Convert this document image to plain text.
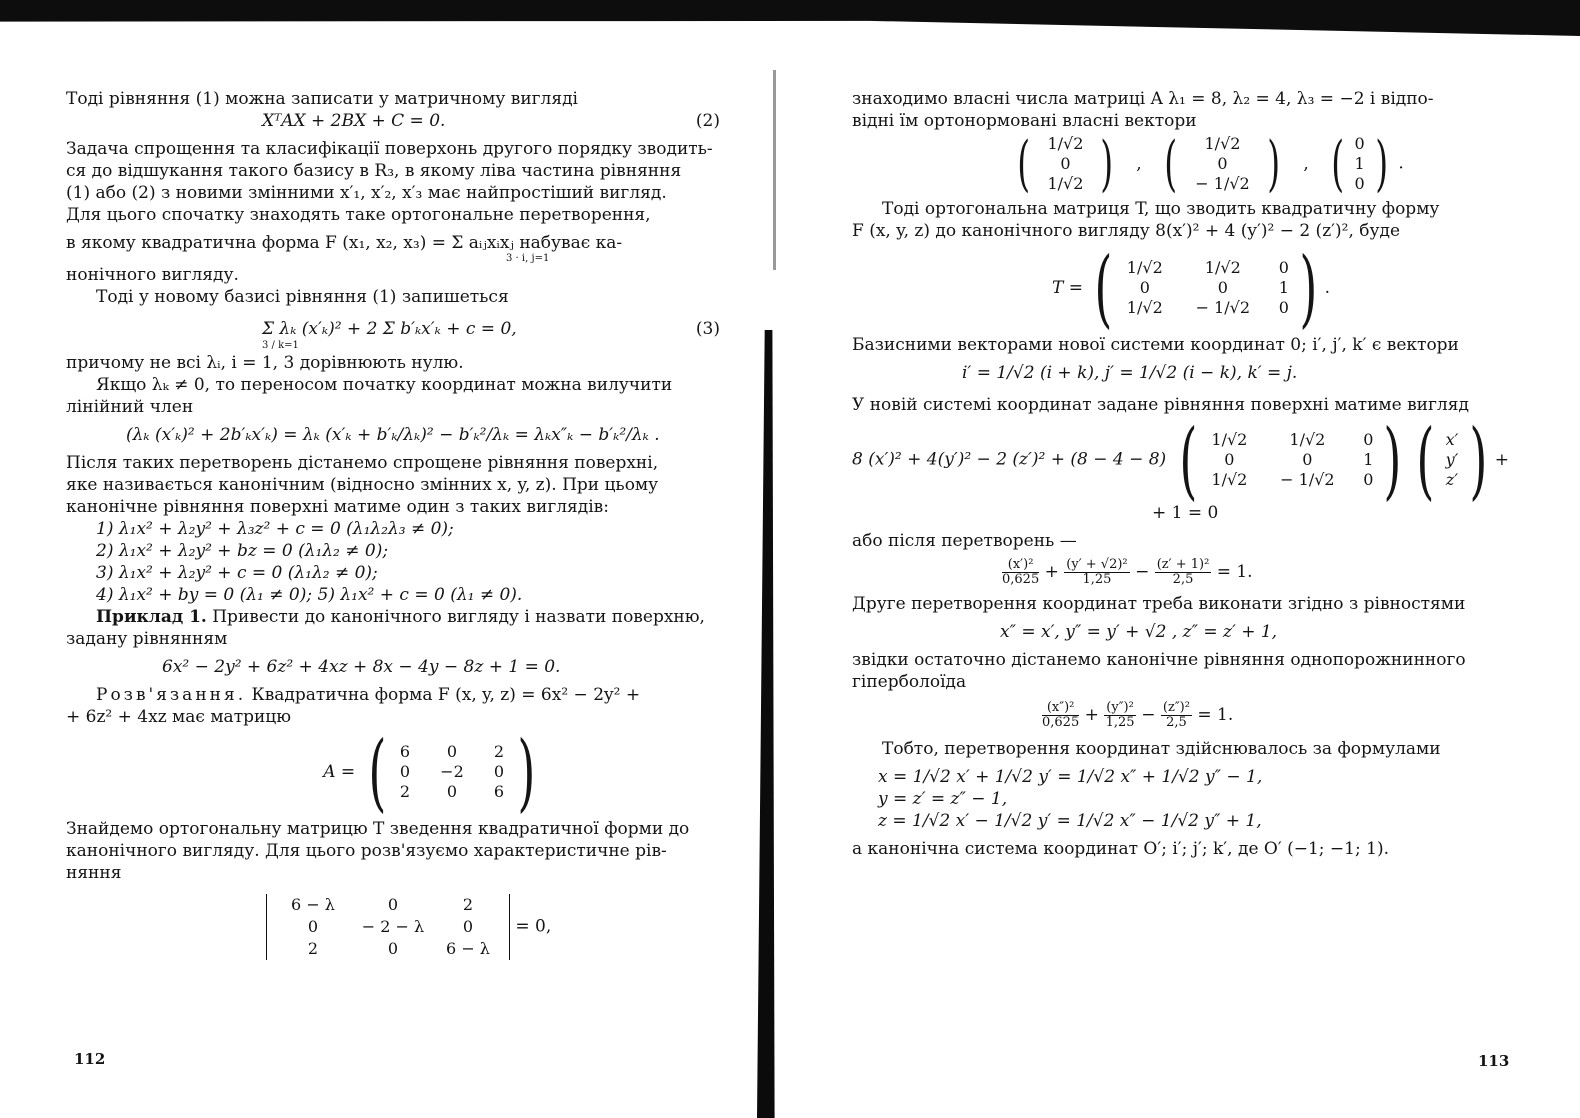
Тоді рівняння (1) можна записати у матричному вигляді

XᵀAX + 2BX + C = 0.	(2)

Задача спрощення та класифікації поверхонь другого порядку зводить-

ся до відшукання такого базису в R₃, в якому ліва частина рівняння

(1) або (2) з новими змінними x′₁, x′₂, x′₃ має найпростіший вигляд.

Для цього спочатку знаходять таке ортогональне перетворення,

в якому квадратична форма F (x₁, x₂, x₃) = Σ aᵢⱼxᵢxⱼ набуває ка-

3 · i, j=1

нонічного вигляду.

Тоді у новому базисі рівняння (1) запишеться

Σ λₖ (x′ₖ)² + 2 Σ b′ₖx′ₖ + c = 0,	(3)

3 / k=1

причому не всі λᵢ, i = 1, 3 дорівнюють нулю.

Якщо λₖ ≠ 0, то переносом початку координат можна вилучити

лінійний член

(λₖ (x′ₖ)² + 2b′ₖx′ₖ) = λₖ (x′ₖ + b′ₖ/λₖ)² − b′ₖ²/λₖ = λₖx″ₖ − b′ₖ²/λₖ .

Після таких перетворень дістанемо спрощене рівняння поверхні,

яке називається канонічним (відносно змінних x, y, z). При цьому

канонічне рівняння поверхні матиме один з таких виглядів:

1) λ₁x² + λ₂y² + λ₃z² + c = 0 (λ₁λ₂λ₃ ≠ 0);

2) λ₁x² + λ₂y² + bz = 0 (λ₁λ₂ ≠ 0);

3) λ₁x² + λ₂y² + c = 0 (λ₁λ₂ ≠ 0);

4) λ₁x² + by = 0 (λ₁ ≠ 0); 5) λ₁x² + c = 0 (λ₁ ≠ 0).

Приклад 1. Привести до канонічного вигляду і назвати поверхню,

задану рівнянням

6x² − 2y² + 6z² + 4xz + 8x − 4y − 8z + 1 = 0.

Розв'язання. Квадратична форма F (x, y, z) = 6x² − 2y² +

+ 6z² + 4xz має матрицю

A = ( 6	0	2
0	−2	0
2	0	6 )

Знайдемо ортогональну матрицю T зведення квадратичної форми до

канонічного вигляду. Для цього розв'язуємо характеристичне рів-

няння

6 − λ	0	2
0	− 2 − λ	0
2	0	6 − λ
= 0,
112

знаходимо власні числа матриці A λ₁ = 8, λ₂ = 4, λ₃ = −2 і відпо-

відні їм ортонормовані власні вектори

(	1/√2
0
1/√2 ) , (	1/√2
0
− 1/√2 ) , ( 0
1
0 ) .

Тоді ортогональна матриця T, що зводить квадратичну форму

F (x, y, z) до канонічного вигляду 8(x′)² + 4 (y′)² − 2 (z′)², буде

T = ( 1/√2	1/√2	0
0	0	1
1/√2	− 1/√2	0 ) .

Базисними векторами нової системи координат 0; i′, j′, k′ є вектори

i′ = 1/√2 (i + k), j′ = 1/√2 (i − k), k′ = j.

У новій системі координат задане рівняння поверхні матиме вигляд

8 (x′)² + 4(y′)² − 2 (z′)² + (8 − 4 − 8) ( 1/√2	1/√2	0
0	0	1
1/√2	− 1/√2	0 ) ( x′
y′
z′ ) +

+ 1 = 0

або після перетворень —

$\frac{\text{(x′)²}}{0,625} + \frac{\text{(y′ + √2)²}}{1,25} - \frac{\text{(z′ + 1)²}}{2,5} = 1$.

Друге перетворення координат треба виконати згідно з рівностями

x″ = x′, y″ = y′ + √2 , z″ = z′ + 1,

звідки остаточно дістанемо канонічне рівняння однопорожнинного

гіперболоїда

$\frac{\text{(x″)²}}{0,625} + \frac{\text{(y″)²}}{1,25} - \frac{\text{(z″)²}}{2,5} = 1$.

Тобто, перетворення координат здійснювалось за формулами

x = 1/√2 x′ + 1/√2 y′ = 1/√2 x″ + 1/√2 y″ − 1,

y = z′ = z″ − 1,

z = 1/√2 x′ − 1/√2 y′ = 1/√2 x″ − 1/√2 y″ + 1,

а канонічна система координат O′; i′; j′; k′, де O′ (−1; −1; 1).

113
